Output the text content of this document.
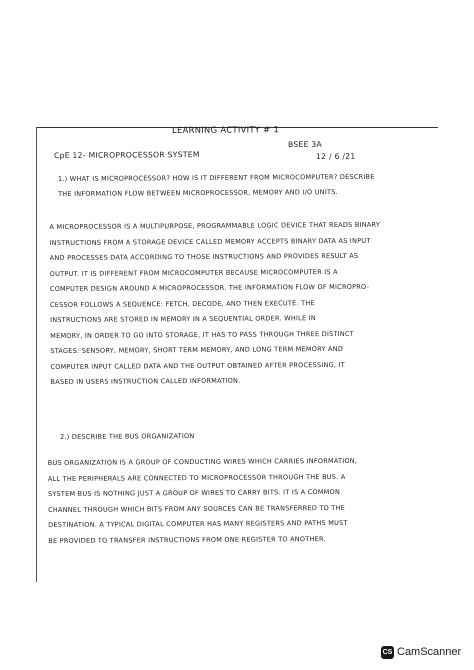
LEARNING ACTIVITY # 1
BSEE 3A
CpE 12- MICROPROCESSOR SYSTEM	12 / 6 /21
1.) WHAT IS MICROPROCESSOR? HOW IS IT DIFFERENT FROM MICROCOMPUTER? DESCRIBE
THE INFORMATION FLOW BETWEEN MICROPROCESSOR, MEMORY AND I/O UNITS.
A MICROPROCESSOR IS A MULTIPURPOSE, PROGRAMMABLE LOGIC DEVICE THAT READS BINARY
INSTRUCTIONS FROM A STORAGE DEVICE CALLED MEMORY ACCEPTS BINARY DATA AS INPUT
AND PROCESSES DATA ACCORDING TO THOSE INSTRUCTIONS AND PROVIDES RESULT AS
OUTPUT. IT IS DIFFERENT FROM MICROCOMPUTER BECAUSE MICROCOMPUTER IS A
COMPUTER DESIGN AROUND A MICROPROCESSOR. THE INFORMATION FLOW OF MICROPRO-
CESSOR FOLLOWS A SEQUENCE: FETCH, DECODE, AND THEN EXECUTE. THE
INSTRUCTIONS ARE STORED IN MEMORY IN A SEQUENTIAL ORDER. WHILE IN
MEMORY, IN ORDER TO GO INTO STORAGE, IT HAS TO PASS THROUGH THREE DISTINCT
STAGES: SENSORY, MEMORY, SHORT TERM MEMORY, AND LONG TERM MEMORY AND
COMPUTER INPUT CALLED DATA AND THE OUTPUT OBTAINED AFTER PROCESSING, IT
BASED IN USERS INSTRUCTION CALLED INFORMATION.
2.) DESCRIBE THE BUS ORGANIZATION
BUS ORGANIZATION IS A GROUP OF CONDUCTING WIRES WHICH CARRIES INFORMATION,
ALL THE PERIPHERALS ARE CONNECTED TO MICROPROCESSOR THROUGH THE BUS. A
SYSTEM BUS IS NOTHING JUST A GROUP OF WIRES TO CARRY BITS. IT IS A COMMON
CHANNEL THROUGH WHICH BITS FROM ANY SOURCES CAN BE TRANSFERRED TO THE
DESTINATION. A TYPICAL DIGITAL COMPUTER HAS MANY REGISTERS AND PATHS MUST
BE PROVIDED TO TRANSFER INSTRUCTIONS FROM ONE REGISTER TO ANOTHER.
CS CamScanner
